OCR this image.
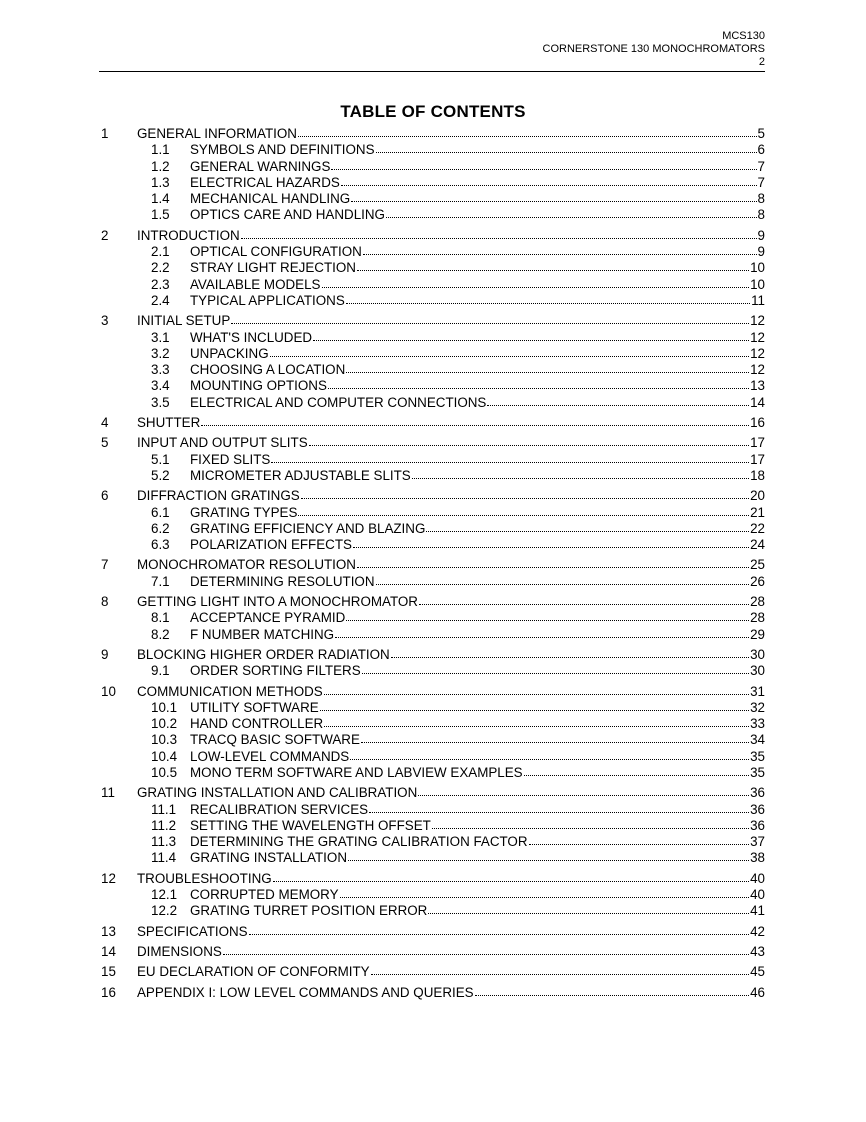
MCS130
CORNERSTONE 130 MONOCHROMATORS
2
TABLE OF CONTENTS
1	GENERAL INFORMATION	5
1.1	SYMBOLS AND DEFINITIONS	6
1.2	GENERAL WARNINGS	7
1.3	ELECTRICAL HAZARDS	7
1.4	MECHANICAL HANDLING	8
1.5	OPTICS CARE AND HANDLING	8
2	INTRODUCTION	9
2.1	OPTICAL CONFIGURATION	9
2.2	STRAY LIGHT REJECTION	10
2.3	AVAILABLE MODELS	10
2.4	TYPICAL APPLICATIONS	11
3	INITIAL SETUP	12
3.1	WHAT'S INCLUDED	12
3.2	UNPACKING	12
3.3	CHOOSING A LOCATION	12
3.4	MOUNTING OPTIONS	13
3.5	ELECTRICAL AND COMPUTER CONNECTIONS	14
4	SHUTTER	16
5	INPUT AND OUTPUT SLITS	17
5.1	FIXED SLITS	17
5.2	MICROMETER ADJUSTABLE SLITS	18
6	DIFFRACTION GRATINGS	20
6.1	GRATING TYPES	21
6.2	GRATING EFFICIENCY AND BLAZING	22
6.3	POLARIZATION EFFECTS	24
7	MONOCHROMATOR RESOLUTION	25
7.1	DETERMINING RESOLUTION	26
8	GETTING LIGHT INTO A MONOCHROMATOR	28
8.1	ACCEPTANCE PYRAMID	28
8.2	F NUMBER MATCHING	29
9	BLOCKING HIGHER ORDER RADIATION	30
9.1	ORDER SORTING FILTERS	30
10	COMMUNICATION METHODS	31
10.1 UTILITY SOFTWARE	32
10.2 HAND CONTROLLER	33
10.3 TRACQ BASIC SOFTWARE	34
10.4 LOW-LEVEL COMMANDS	35
10.5 MONO TERM SOFTWARE AND LABVIEW EXAMPLES	35
11	GRATING INSTALLATION AND CALIBRATION	36
11.1	RECALIBRATION SERVICES	36
11.2	SETTING THE WAVELENGTH OFFSET	36
11.3	DETERMINING THE GRATING CALIBRATION FACTOR	37
11.4	GRATING INSTALLATION	38
12	TROUBLESHOOTING	40
12.1 CORRUPTED MEMORY	40
12.2 GRATING TURRET POSITION ERROR	41
13	SPECIFICATIONS	42
14	DIMENSIONS	43
15	EU DECLARATION OF CONFORMITY	45
16	APPENDIX I: LOW LEVEL COMMANDS AND QUERIES	46
